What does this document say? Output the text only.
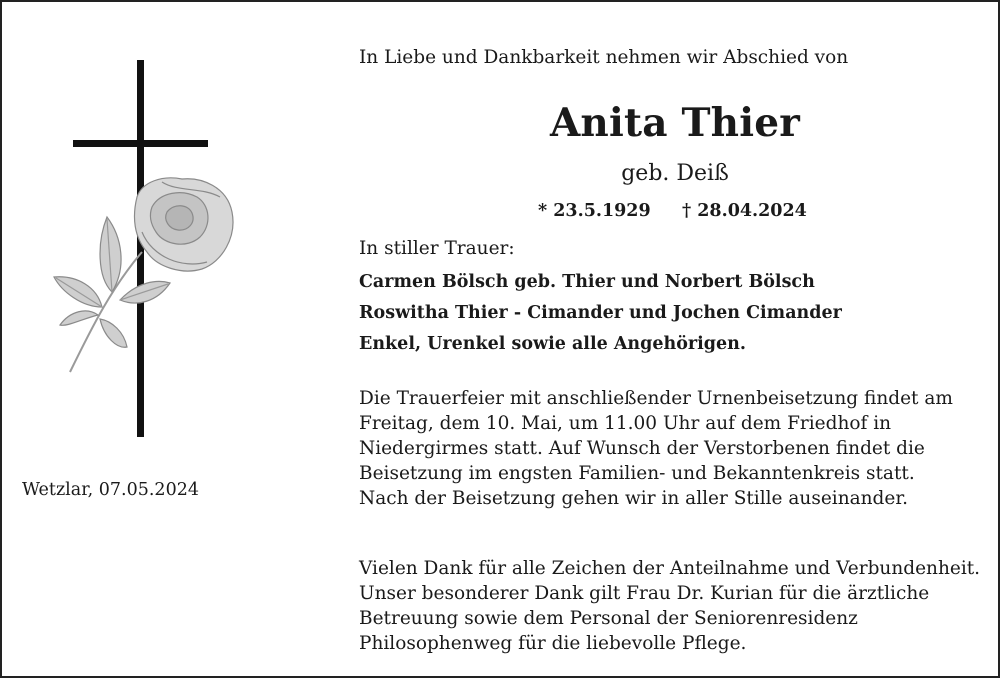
Wetzlar, 07.05.2024
In Liebe und Dankbarkeit nehmen wir Abschied von
Anita Thier
geb. Deiß
* 23.5.1929 † 28.04.2024
In stiller Trauer:
Carmen Bölsch geb. Thier und Norbert Bölsch
Roswitha Thier - Cimander und Jochen Cimander
Enkel, Urenkel sowie alle Angehörigen.

Die Trauerfeier mit anschließender Urnenbeisetzung findet am
Freitag, dem 10. Mai, um 11.00 Uhr auf dem Friedhof in
Niedergirmes statt. Auf Wunsch der Verstorbenen findet die
Beisetzung im engsten Familien- und Bekanntenkreis statt.
Nach der Beisetzung gehen wir in aller Stille auseinander.

Vielen Dank für alle Zeichen der Anteilnahme und Verbundenheit.
Unser besonderer Dank gilt Frau Dr. Kurian für die ärztliche
Betreuung sowie dem Personal der Seniorenresidenz
Philosophenweg für die liebevolle Pflege.
